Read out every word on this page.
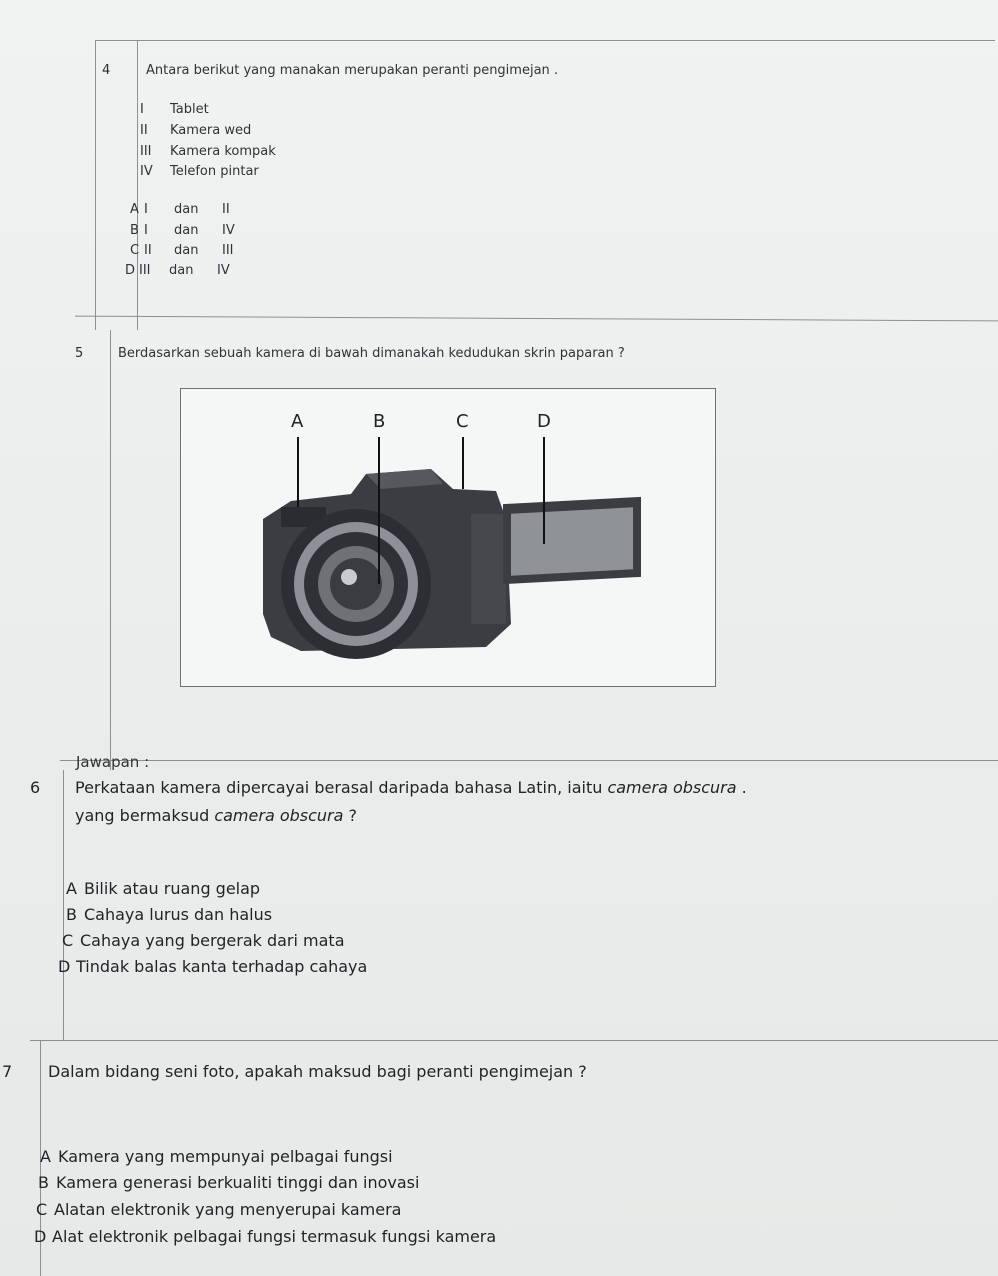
4	Antara berikut yang manakan merupakan peranti pengimejan .
I Tablet
II Kamera wed
III Kamera kompak
IV Telefon pintar
A I dan II
B I dan IV
C II dan III
D III dan IV
5	Berdasarkan sebuah kamera di bawah dimanakah kedudukan skrin paparan ?
A	B	C	D
Jawapan :
6 Perkataan kamera dipercayai berasal daripada bahasa Latin, iaitu camera obscura .
yang bermaksud camera obscura ?
A Bilik atau ruang gelap
B Cahaya lurus dan halus
C Cahaya yang bergerak dari mata
D Tindak balas kanta terhadap cahaya
7 Dalam bidang seni foto, apakah maksud bagi peranti pengimejan ?
A Kamera yang mempunyai pelbagai fungsi
B Kamera generasi berkualiti tinggi dan inovasi
C Alatan elektronik yang menyerupai kamera
D Alat elektronik pelbagai fungsi termasuk fungsi kamera
